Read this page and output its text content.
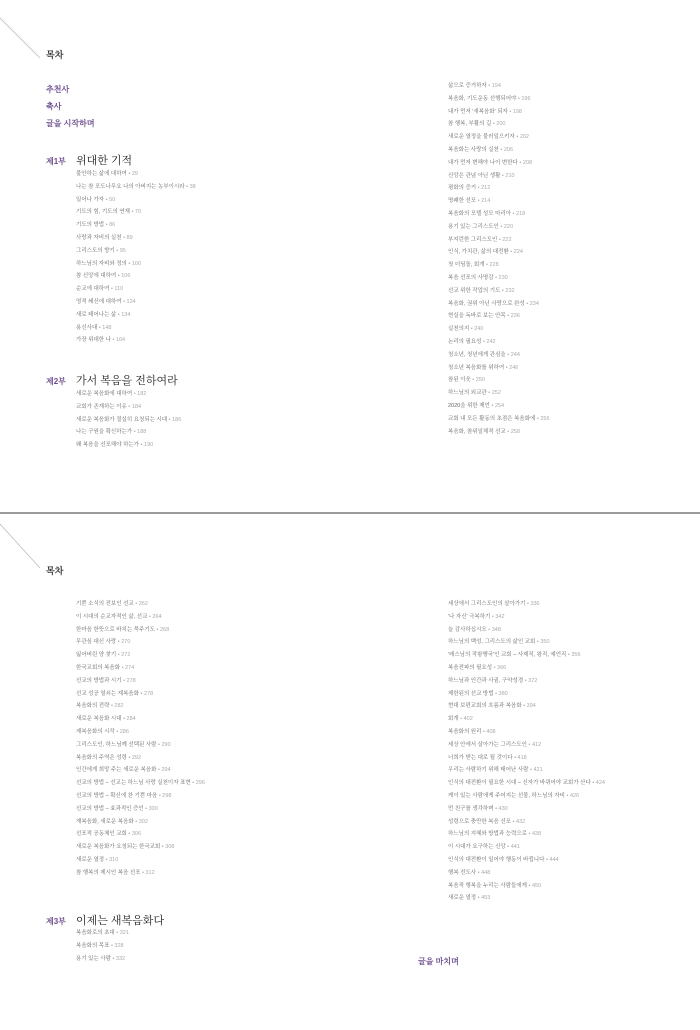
목차
추천사
축사
글을 시작하며
제1부 위대한 기적
불안하는 삶에 대하여 • 29
나는 참 포도나무요 나의 아버지는 농부이시라 • 38
일어나 가자 • 50
기도의 힘, 기도의 연재 • 70
기도의 방법 • 86
사랑과 자비의 실천 • 89
그리스도의 향기 • 95
하느님의 자비와 정의 • 100
참 신앙에 대하여 • 106
순교에 대하여 • 110
영적 쇄신에 대하여 • 124
새로 태어나는 삶 • 134
용신사대 • 148
가장 위대한 나 • 164
제2부 가서 복음을 전하여라
새로운 복음화에 대하여 • 182
교회가 존재하는 이유 • 184
새로운 복음화가 절실히 요청되는 시대 • 186
나는 구원을 확신하는가 • 188
왜 복음을 선포해야 하는가 • 190
삶으로 증거하자 • 194
복음화, 기도운동 선행되어야 • 196
내가 먼저 '새복음화' 되자 • 198
참 행복, 부활의 길 • 200
새로운 열정을 불러일으키자 • 202
복음화는 사랑의 실천 • 206
내가 먼저 변해야 나이 변한다 • 208
신앙은 관념 아닌 생활 • 210
평화의 증거 • 212
명쾌한 선포 • 214
복음화의 모델 성모 마리아 • 218
용기 있는 그리스도인 • 220
부지런한 그리스도인 • 222
인식, 가치관, 삶의 대전환 • 224
첫 더딤돌, 회개 • 228
복음 선포의 사명감 • 230
선교 위한 작업의 기도 • 232
복음화, 권위 아닌 사랑으로 완성 • 234
현실을 독바로 보는 안목 • 236
실천의지 • 240
논리의 필요성 • 242
청소년, 청년에게 관심을 • 244
청소년 복음화를 위하여 • 246
참된 이웃 • 250
하느님의 외교관 • 252
2020을 위한 제언 • 254
교회 내 모든 활동의 초점은 복음화에 • 256
복음화, 참위일체적 선교 • 258
목차
기쁜 소식의 전보인 선교 • 262
이 시대의 순교자적인 삶, 선교 • 264
한마음 한뜻으로 바치는 묵주기도 • 268
무관심 대신 사랑 • 270
잃어버린 양 찾기 • 272
한국교회의 복음화 • 274
선교의 방법과 시기 • 278
선교 성공 열쇠는 재복음화 • 278
복음화의 전략 • 282
새로운 복음화 시대 • 284
재복음화의 시작 • 286
그리스도인, 하느님께 선택된 사람 • 290
복음화의 주역은 성령 • 292
인간에게 희망 주는 새로운 복음화 • 294
선교의 방법 – 선교는 하느님 사랑 실천이자 표현 • 296
선교의 방법 – 확신에 찬 기쁜 마음 • 298
선교의 방법 – 효과적인 증언 • 300
재복음화, 새로운 복음화 • 302
선포적 공동체인 교회 • 306
새로운 복음화가 요청되는 한국교회 • 308
새로운 열정 • 310
참 행복의 제시인 복음 선포 • 312
제3부 이제는 새복음화다
복음화로의 초대 • 321
복음화의 목표 • 328
용기 있는 사람 • 332
세상에서 그리스도인의 살아가기 • 336
'나 자신' 극복하기 • 342
늘 감사하십시오 • 348
하느님의 백성, 그리스도의 삶인 교회 • 350
'레스님의 작왕행국'인 교회 – 사제직, 왕직, 예언직 • 356
복음전파의 필요성 • 366
하느님과 인간과 사귐, 구약성경 • 372
제한된의 선교 방법 • 380
현대 보편교회의 흐름과 복음화 • 394
회개 • 402
복음화의 원리 • 408
세상 안에서 살아가는 그리스도인 • 412
너희가 받는 대로 될 것이다 • 418
우리는 사람하기 위해 태어난 사람 • 421
인식의 대전환이 필요한 시대 – 신자가 바뀌어야 교회가 산다 • 424
케이 있는 사람에게 주어지는 선물, 하느님의 자비 • 426
먼 친구를 생각하며 • 430
성령으로 충만한 복음 선포 • 432
하느님의 지혜와 방법과 능력으로 • 438
이 시대가 요구하는 신앙 • 441
인식의 대전환이 일어야 행동이 바뀝니다 • 444
행복 전도사 • 448
복음적 행복을 누리는 사람들에게 • 450
새로운 열정 • 453
글을 마치며
